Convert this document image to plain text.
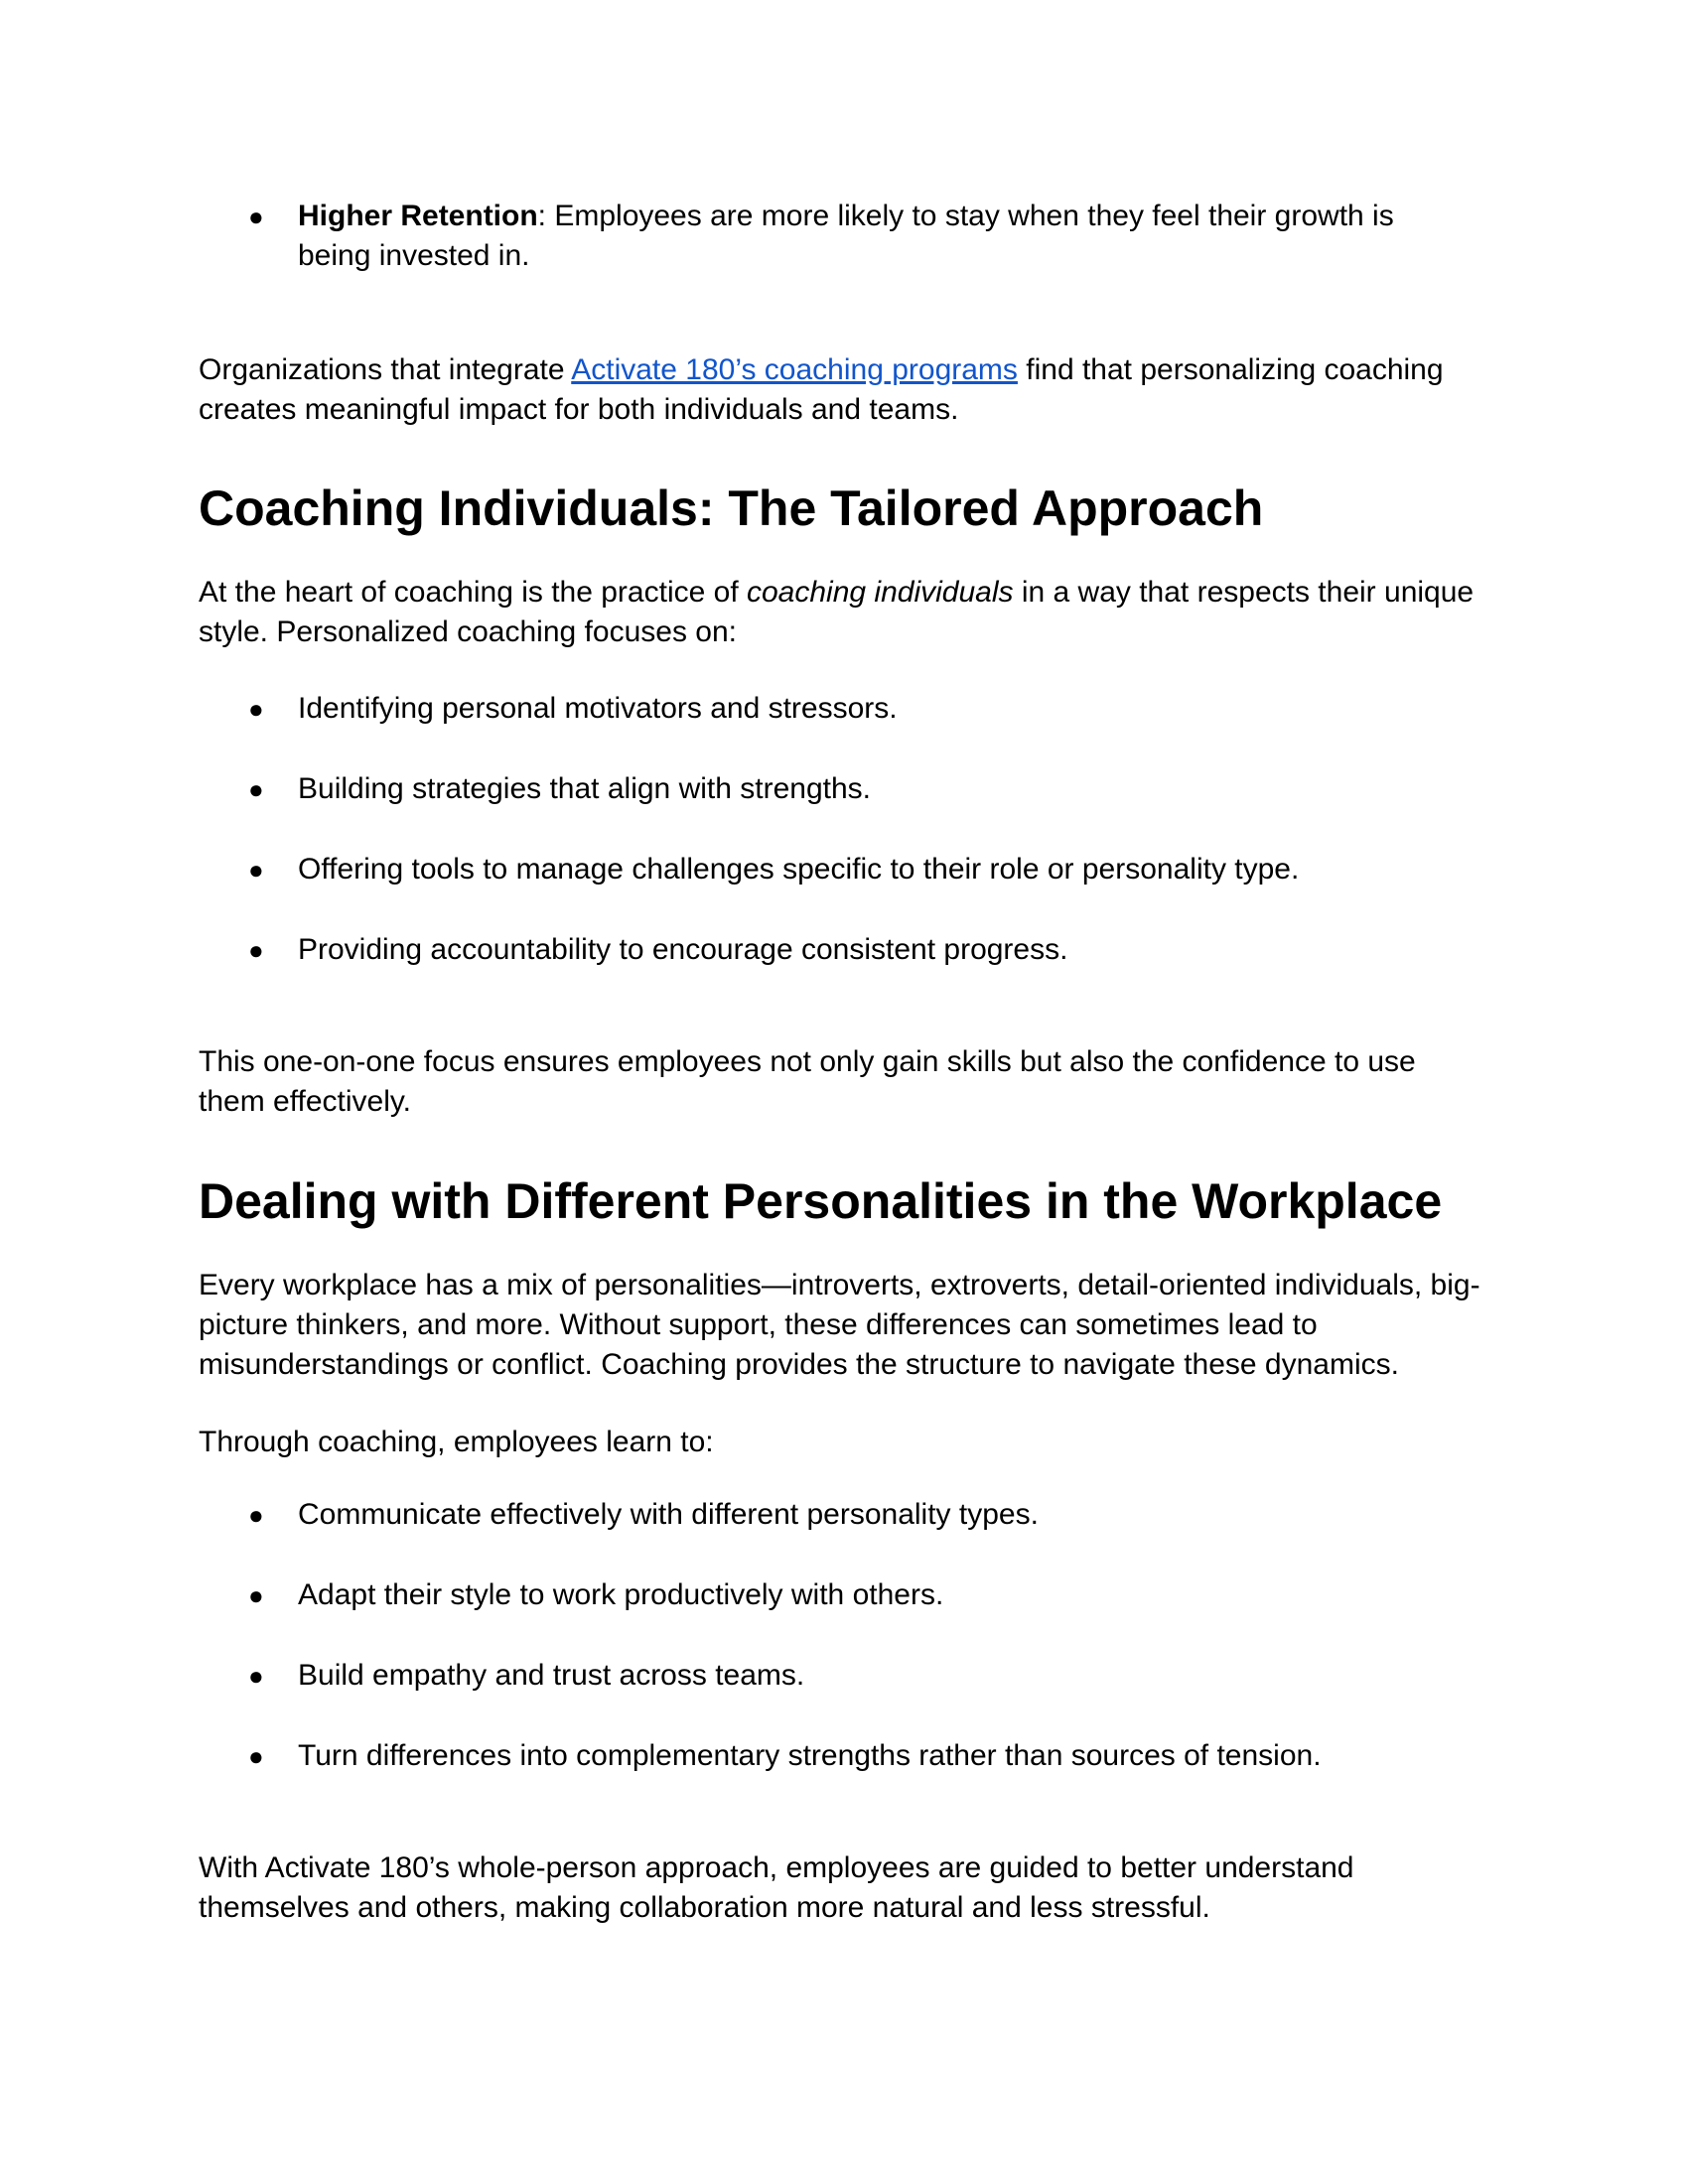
●	Higher Retention: Employees are more likely to stay when they feel their growth is being invested in.

Organizations that integrate Activate 180’s coaching programs find that personalizing coaching creates meaningful impact for both individuals and teams.

Coaching Individuals: The Tailored Approach

At the heart of coaching is the practice of coaching individuals in a way that respects their unique style. Personalized coaching focuses on:

●	Identifying personal motivators and stressors.
●	Building strategies that align with strengths.
●	Offering tools to manage challenges specific to their role or personality type.
●	Providing accountability to encourage consistent progress.

This one-on-one focus ensures employees not only gain skills but also the confidence to use them effectively.

Dealing with Different Personalities in the Workplace

Every workplace has a mix of personalities—introverts, extroverts, detail-oriented individuals, big-picture thinkers, and more. Without support, these differences can sometimes lead to misunderstandings or conflict. Coaching provides the structure to navigate these dynamics.

Through coaching, employees learn to:

●	Communicate effectively with different personality types.
●	Adapt their style to work productively with others.
●	Build empathy and trust across teams.
●	Turn differences into complementary strengths rather than sources of tension.

With Activate 180’s whole-person approach, employees are guided to better understand themselves and others, making collaboration more natural and less stressful.
